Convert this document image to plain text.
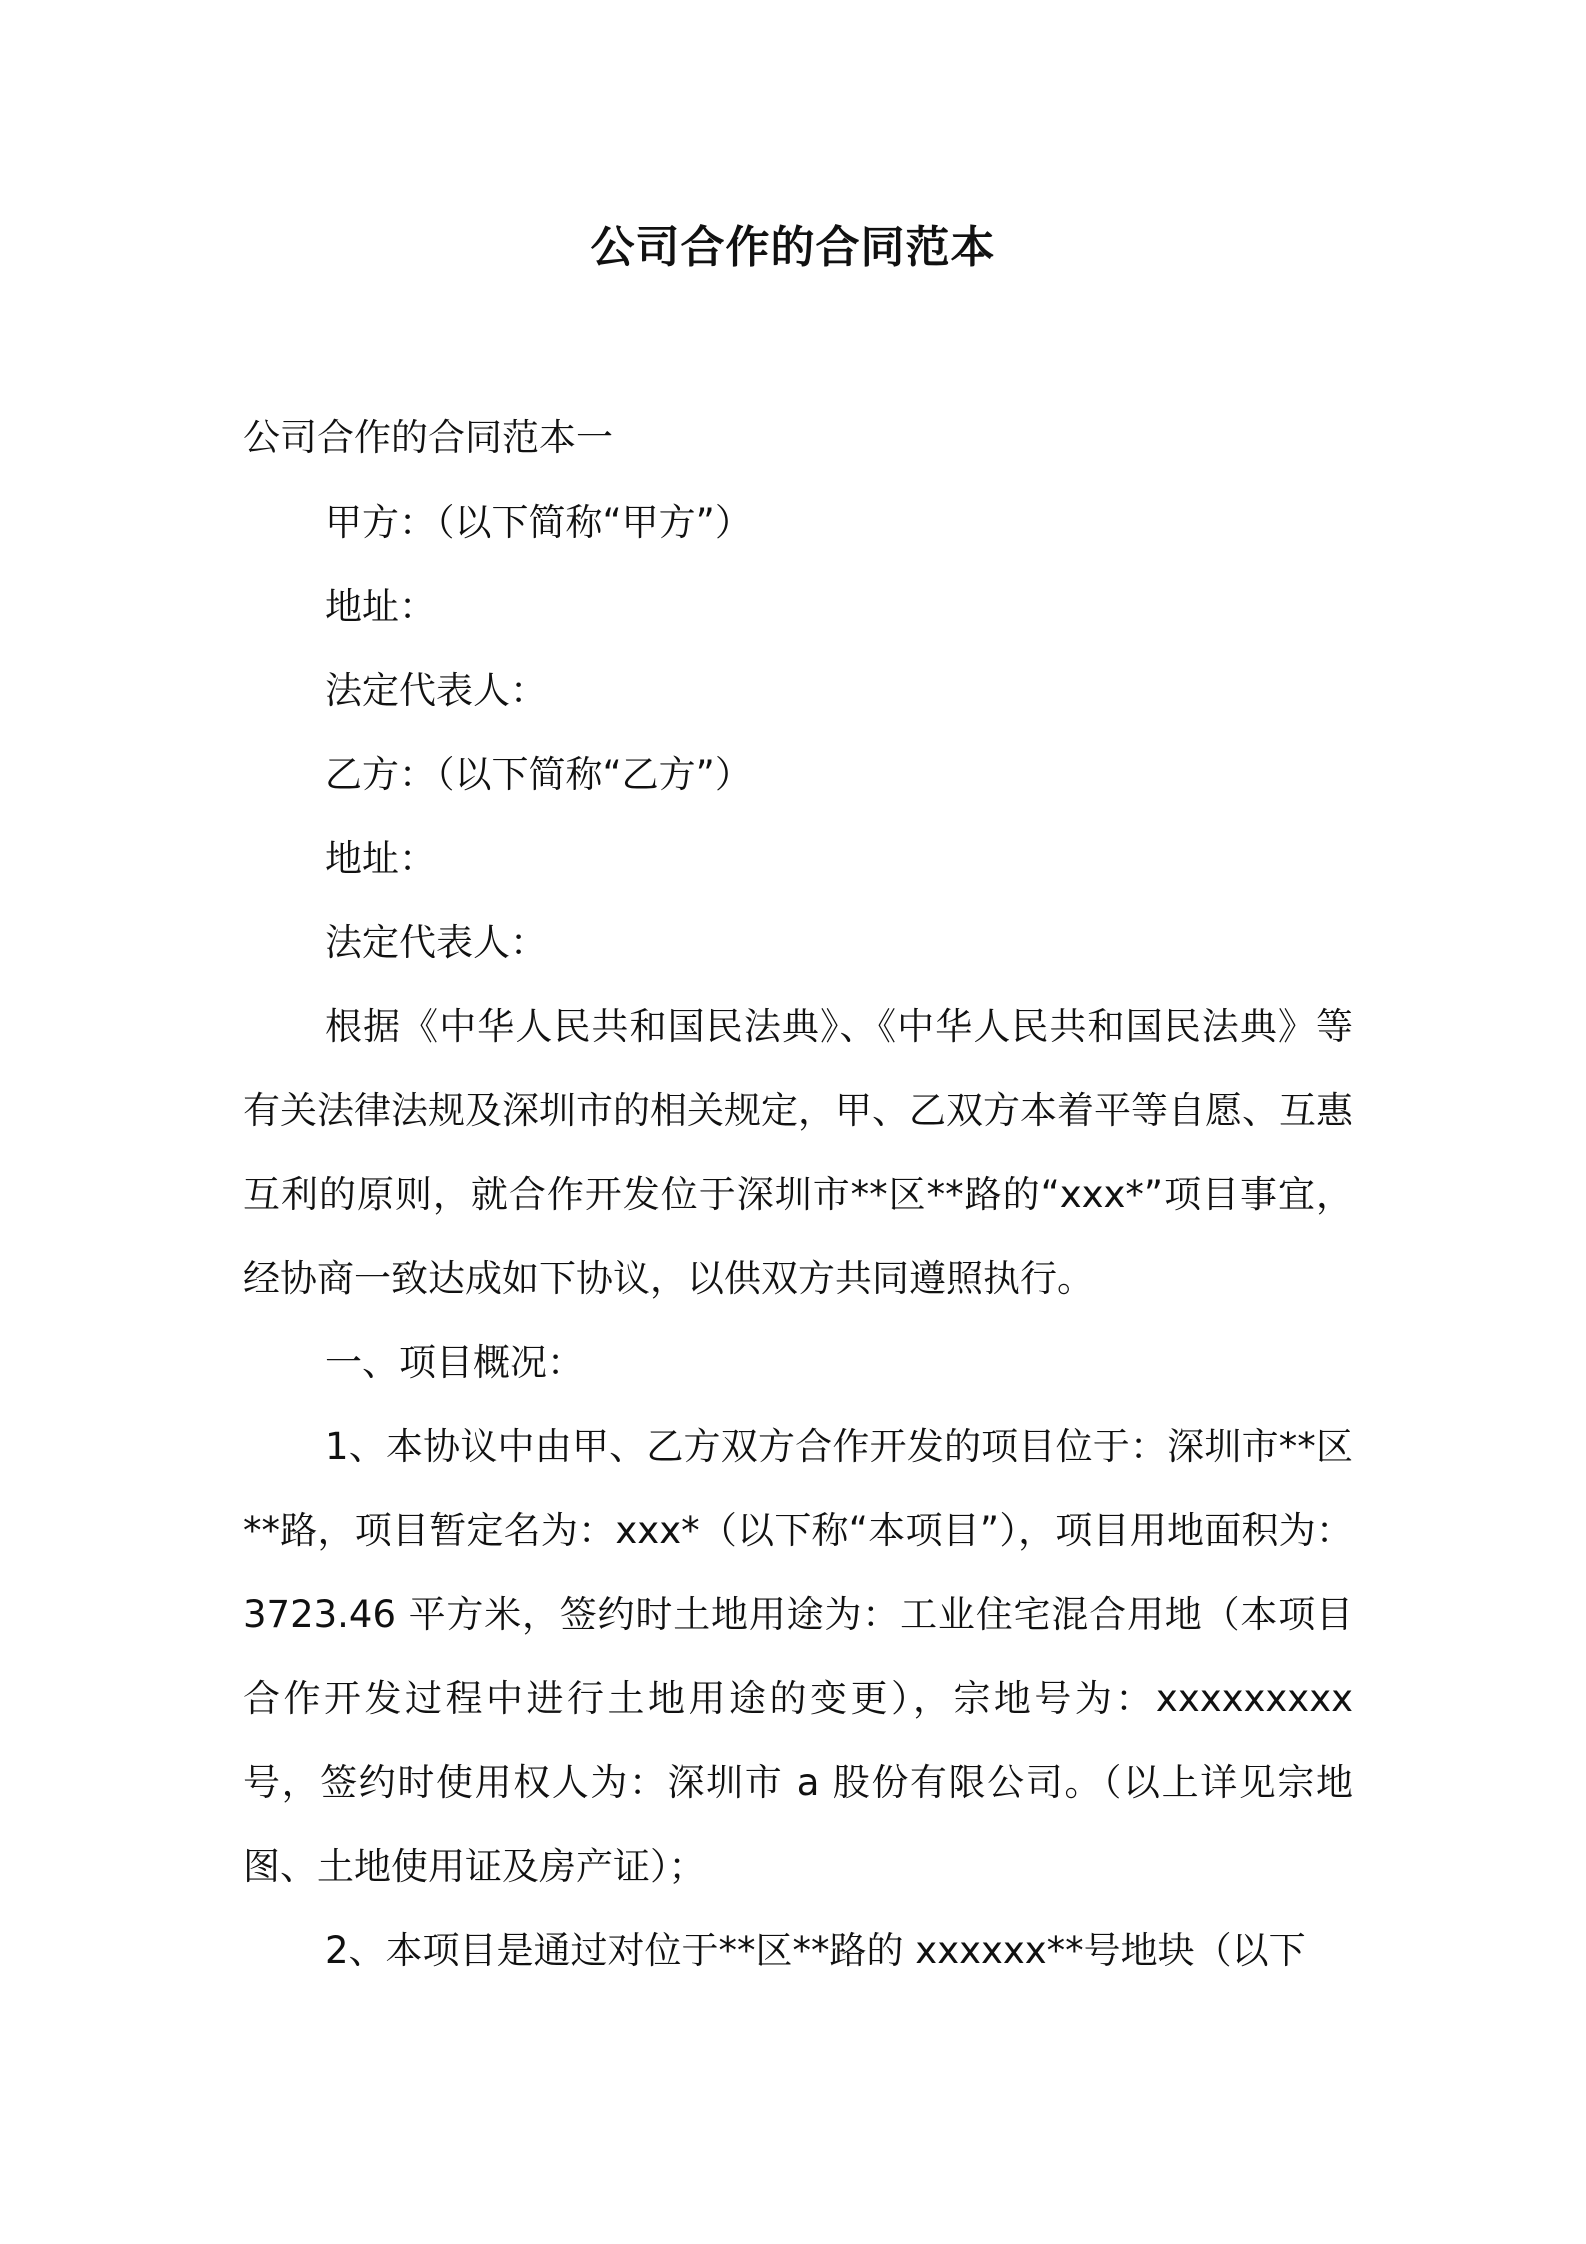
公司合作的合同范本
公司合作的合同范本一
甲方：（以下简称“甲方”）
地址：
法定代表人：
乙方：（以下简称“乙方”）
地址：
法定代表人：
根据《中华人民共和国民法典》、《中华人民共和国民法典》等有关法律法规及深圳市的相关规定，甲、乙双方本着平等自愿、互惠互利的原则，就合作开发位于深圳市**区**路的“xxx*”项目事宜，经协商一致达成如下协议，以供双方共同遵照执行。
一、项目概况：
1、本协议中由甲、乙方双方合作开发的项目位于：深圳市**区**路，项目暂定名为：xxx*（以下称“本项目”），项目用地面积为：3723.46 平方米，签约时土地用途为：工业住宅混合用地（本项目合作开发过程中进行土地用途的变更），宗地号为：xxxxxxxxx 号，签约时使用权人为：深圳市 a 股份有限公司。（以上详见宗地图、土地使用证及房产证）；
2、本项目是通过对位于**区**路的 xxxxxx**号地块（以下
